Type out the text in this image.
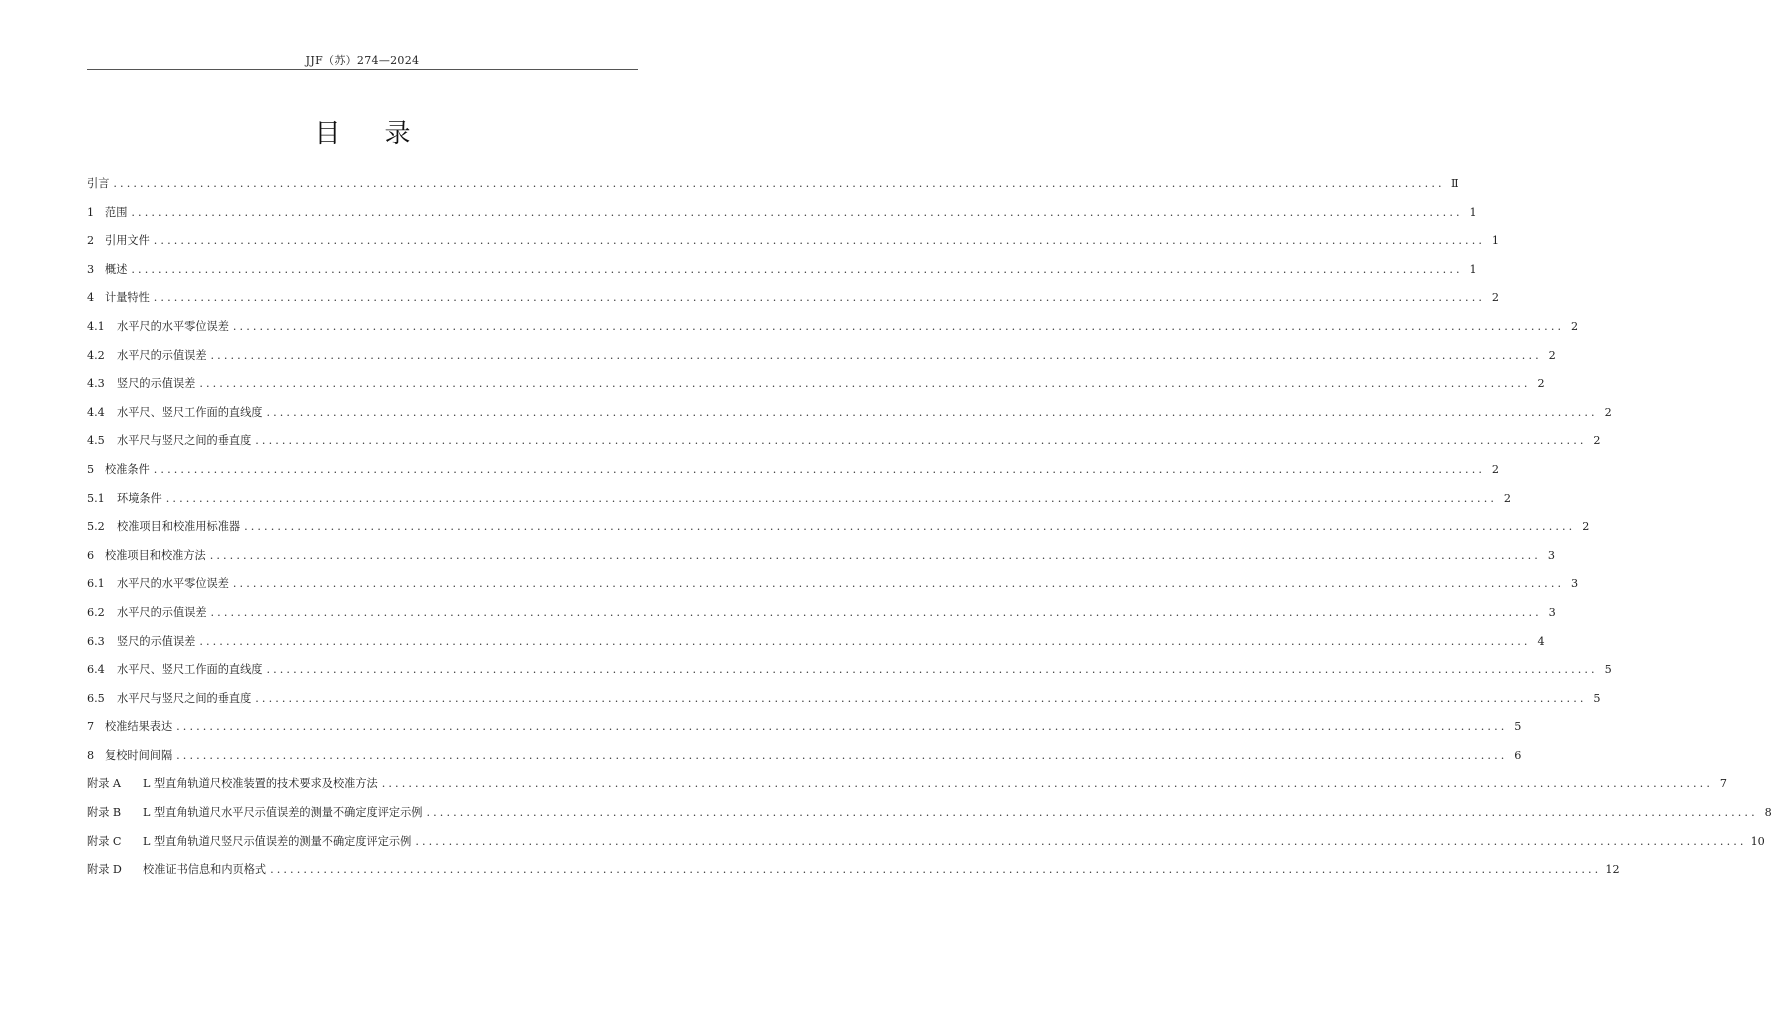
JJF（苏）274—2024
目 录
引言 ........................................................................................................................................................................................................ Ⅱ
1 范围 ........................................................................................................................................................................................................ 1
2 引用文件 ........................................................................................................................................................................................................ 1
3 概述 ........................................................................................................................................................................................................ 1
4 计量特性 ........................................................................................................................................................................................................ 2
4.1	水平尺的水平零位误差 ........................................................................................................................................................................................................ 2
4.2	水平尺的示值误差 ........................................................................................................................................................................................................ 2
4.3	竖尺的示值误差 ........................................................................................................................................................................................................ 2
4.4	水平尺、竖尺工作面的直线度 ........................................................................................................................................................................................................ 2
4.5	水平尺与竖尺之间的垂直度 ........................................................................................................................................................................................................ 2
5 校准条件 ........................................................................................................................................................................................................ 2
5.1	环境条件 ........................................................................................................................................................................................................ 2
5.2	校准项目和校准用标准器 ........................................................................................................................................................................................................ 2
6 校准项目和校准方法 ........................................................................................................................................................................................................ 3
6.1	水平尺的水平零位误差 ........................................................................................................................................................................................................ 3
6.2	水平尺的示值误差 ........................................................................................................................................................................................................ 3
6.3	竖尺的示值误差 ........................................................................................................................................................................................................ 4
6.4	水平尺、竖尺工作面的直线度 ........................................................................................................................................................................................................ 5
6.5	水平尺与竖尺之间的垂直度 ........................................................................................................................................................................................................ 5
7 校准结果表达 ........................................................................................................................................................................................................ 5
8 复校时间间隔 ........................................................................................................................................................................................................ 6
附录 A	L 型直角轨道尺校准装置的技术要求及校准方法 ........................................................................................................................................................................................................ 7
附录 B	L 型直角轨道尺水平尺示值误差的测量不确定度评定示例 ........................................................................................................................................................................................................ 8
附录 C	L 型直角轨道尺竖尺示值误差的测量不确定度评定示例 ........................................................................................................................................................................................................ 10
附录 D	校准证书信息和内页格式 ........................................................................................................................................................................................................ 12
